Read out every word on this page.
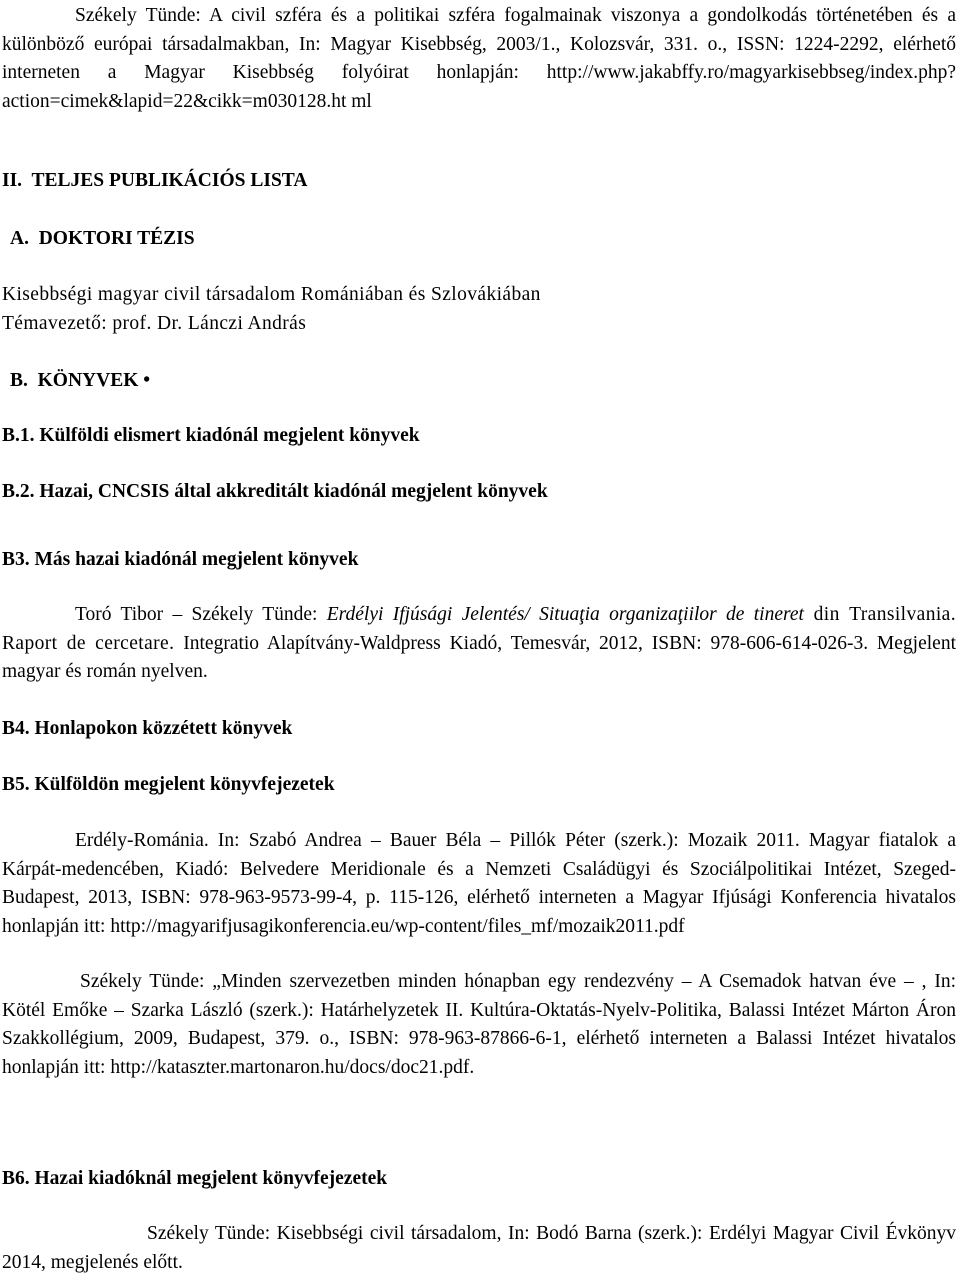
Székely Tünde: A civil szféra és a politikai szféra fogalmainak viszonya a gondolkodás történetében és a különböző európai társadalmakban, In: Magyar Kisebbség, 2003/1., Kolozsvár, 331. o., ISSN: 1224-2292, elérhető interneten a Magyar Kisebbség folyóirat honlapján: http://www.jakabffy.ro/magyarkisebbseg/index.php?action=cimek&lapid=22&cikk=m030128.ht ml

II. TELJES PUBLIKÁCIÓS LISTA
A. DOKTORI TÉZIS

Kisebbségi magyar civil társadalom Romániában és Szlovákiában

Témavezető: prof. Dr. Lánczi András

B. KÖNYVEK •
B.1. Külföldi elismert kiadónál megjelent könyvek
B.2. Hazai, CNCSIS által akkreditált kiadónál megjelent könyvek
B3. Más hazai kiadónál megjelent könyvek

Toró Tibor – Székely Tünde: Erdélyi Ifjúsági Jelentés/ Situaţia organizaţiilor de tineret din Transilvania. Raport de cercetare. Integratio Alapítvány-Waldpress Kiadó, Temesvár, 2012, ISBN: 978-606-614-026-3. Megjelent magyar és román nyelven.

B4. Honlapokon közzétett könyvek
B5. Külföldön megjelent könyvfejezetek

Erdély-Románia. In: Szabó Andrea – Bauer Béla – Pillók Péter (szerk.): Mozaik 2011. Magyar fiatalok a Kárpát-medencében, Kiadó: Belvedere Meridionale és a Nemzeti Családügyi és Szociálpolitikai Intézet, Szeged-Budapest, 2013, ISBN: 978-963-9573-99-4, p. 115-126, elérhető interneten a Magyar Ifjúsági Konferencia hivatalos honlapján itt: http://magyarifjusagikonferencia.eu/wp-content/files_mf/mozaik2011.pdf

Székely Tünde: „Minden szervezetben minden hónapban egy rendezvény – A Csemadok hatvan éve – , In: Kötél Emőke – Szarka László (szerk.): Határhelyzetek II. Kultúra-Oktatás-Nyelv-Politika, Balassi Intézet Márton Áron Szakkollégium, 2009, Budapest, 379. o., ISBN: 978-963-87866-6-1, elérhető interneten a Balassi Intézet hivatalos honlapján itt: http://kataszter.martonaron.hu/docs/doc21.pdf.

B6. Hazai kiadóknál megjelent könyvfejezetek

Székely Tünde: Kisebbségi civil társadalom, In: Bodó Barna (szerk.): Erdélyi Magyar Civil Évkönyv 2014, megjelenés előtt.
